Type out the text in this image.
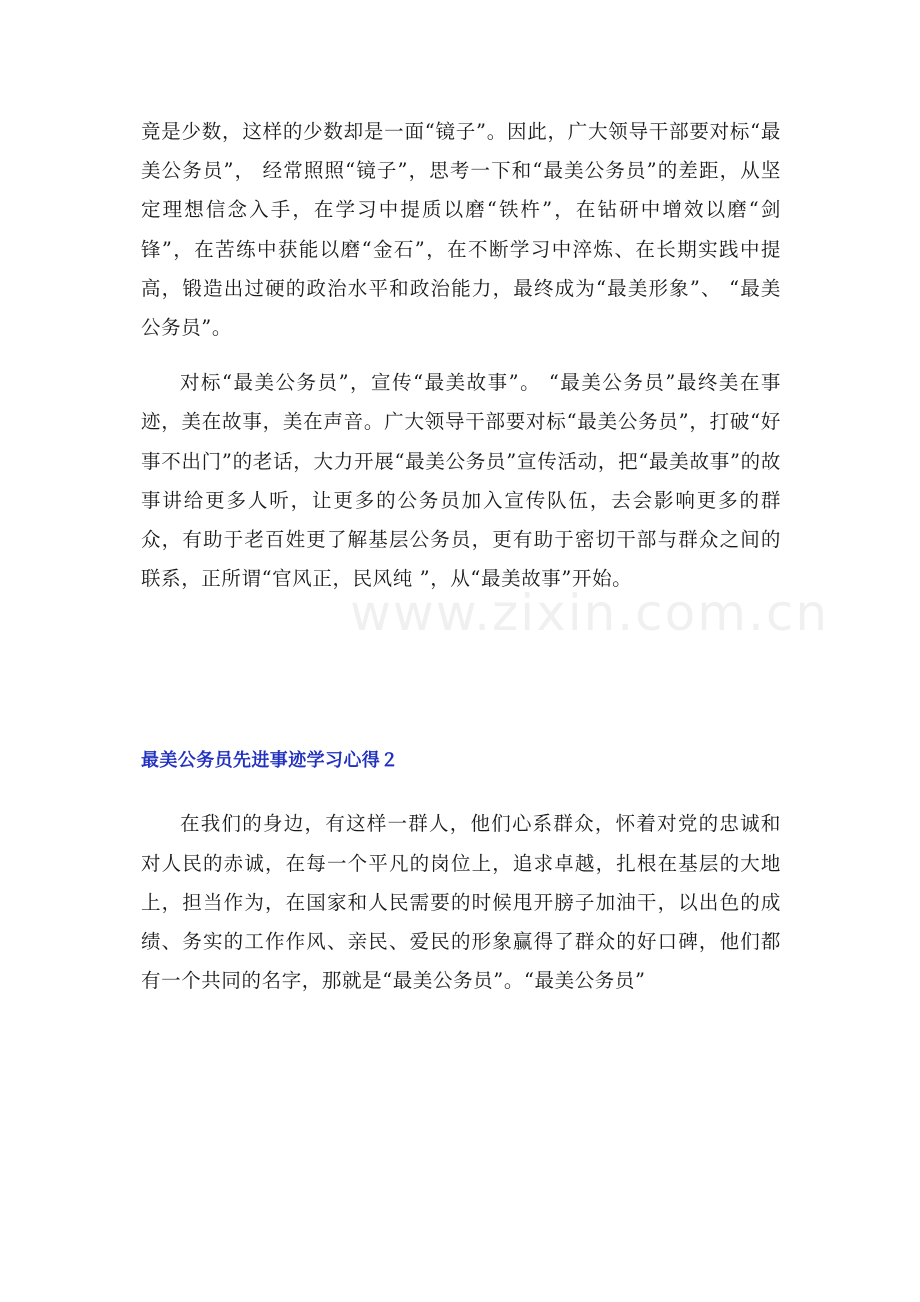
竟是少数，这样的少数却是一面“镜子”。因此，广大领导干部要对标“最美公务员”， 经常照照“镜子”，思考一下和“最美公务员”的差距，从坚定理想信念入手，在学习中提质以磨“铁杵”，在钻研中增效以磨“剑锋”，在苦练中获能以磨“金石”，在不断学习中淬炼、在长期实践中提高，锻造出过硬的政治水平和政治能力，最终成为“最美形象”、 “最美公务员”。

对标“最美公务员”，宣传“最美故事”。 “最美公务员”最终美在事迹，美在故事，美在声音。广大领导干部要对标“最美公务员”，打破“好事不出门”的老话，大力开展“最美公务员”宣传活动，把“最美故事”的故事讲给更多人听，让更多的公务员加入宣传队伍，去会影响更多的群众，有助于老百姓更了解基层公务员，更有助于密切干部与群众之间的联系，正所谓“官风正，民风纯 ”，从“最美故事”开始。

最美公务员先进事迹学习心得２

在我们的身边，有这样一群人，他们心系群众，怀着对党的忠诚和对人民的赤诚，在每一个平凡的岗位上，追求卓越，扎根在基层的大地上，担当作为，在国家和人民需要的时候甩开膀子加油干，以出色的成绩、务实的工作作风、亲民、爱民的形象赢得了群众的好口碑，他们都有一个共同的名字，那就是“最美公务员”。“最美公务员”

www.zixin.com.cn
